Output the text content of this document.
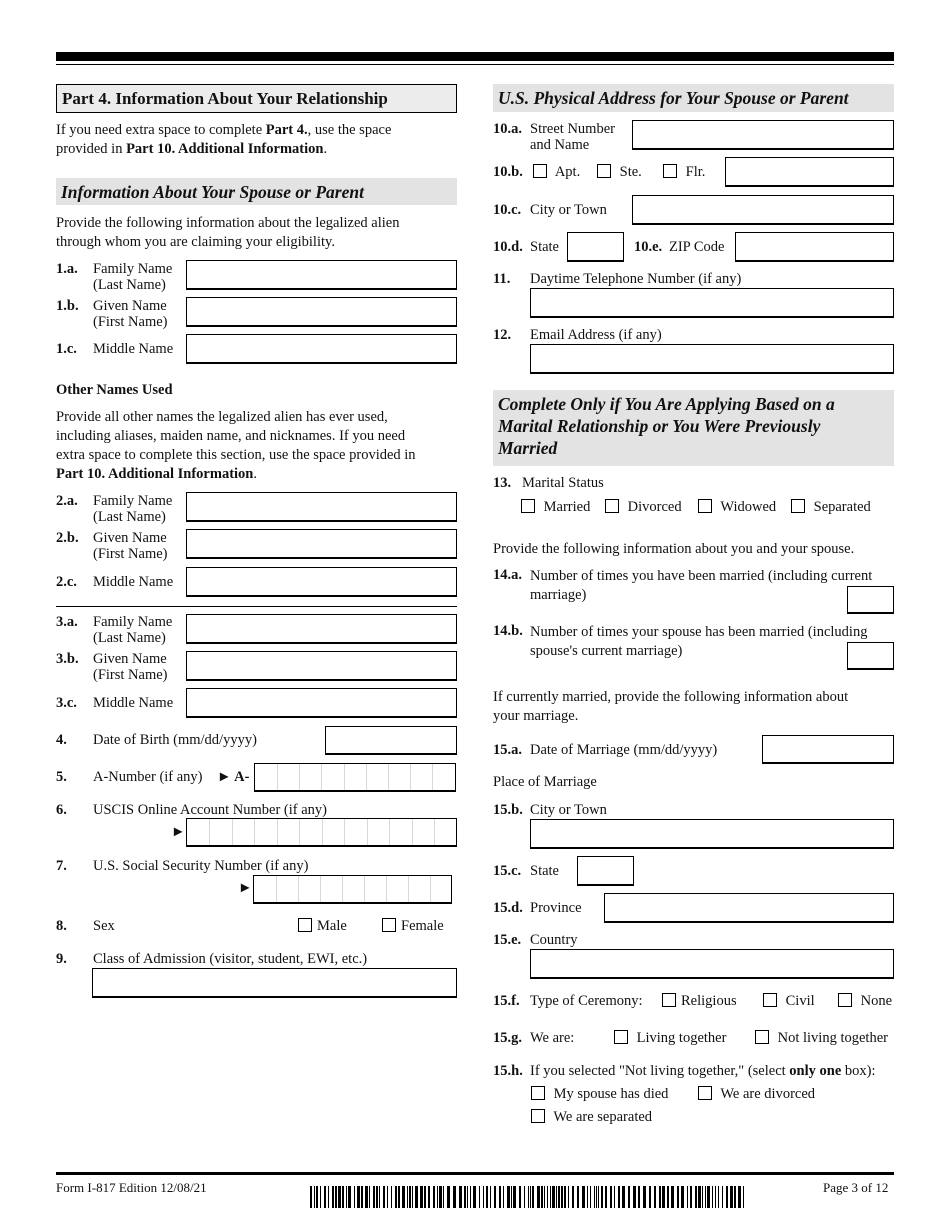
Part 4. Information About Your Relationship
If you need extra space to complete Part 4., use the space
provided in Part 10. Additional Information.
Information About Your Spouse or Parent
Provide the following information about the legalized alien
through whom you are claiming your eligibility.
1.a. Family Name
(Last Name)
1.b. Given Name
(First Name)
1.c. Middle Name
Other Names Used
Provide all other names the legalized alien has ever used,
including aliases, maiden name, and nicknames. If you need
extra space to complete this section, use the space provided in
Part 10. Additional Information.
2.a. Family Name
(Last Name)
2.b. Given Name
(First Name)
2.c. Middle Name
3.a. Family Name
(Last Name)
3.b. Given Name
(First Name)
3.c. Middle Name
4. Date of Birth (mm/dd/yyyy)
5. A-Number (if any) ► A-
6. USCIS Online Account Number (if any)
►
7. U.S. Social Security Number (if any)
►
8. Sex	Male	Female
9. Class of Admission (visitor, student, EWI, etc.)
U.S. Physical Address for Your Spouse or Parent
10.a. Street Number
and Name
10.b.	Apt.	Ste.	Flr.
10.c. City or Town
10.d. State	10.e. ZIP Code
11. Daytime Telephone Number (if any)
12. Email Address (if any)
Complete Only if You Are Applying Based on a
Marital Relationship or You Were Previously
Married
13. Marital Status
Married	Divorced	Widowed	Separated
Provide the following information about you and your spouse.
14.a. Number of times you have been married (including current
marriage)
14.b. Number of times your spouse has been married (including
spouse's current marriage)
If currently married, provide the following information about
your marriage.
15.a. Date of Marriage (mm/dd/yyyy)
Place of Marriage
15.b. City or Town
15.c. State
15.d. Province
15.e. Country
15.f. Type of Ceremony:	Religious	Civil	None
15.g. We are:	Living together	Not living together
15.h. If you selected "Not living together," (select only one box):
My spouse has died	We are divorced
We are separated
Form I-817 Edition 12/08/21	Page 3 of 12
